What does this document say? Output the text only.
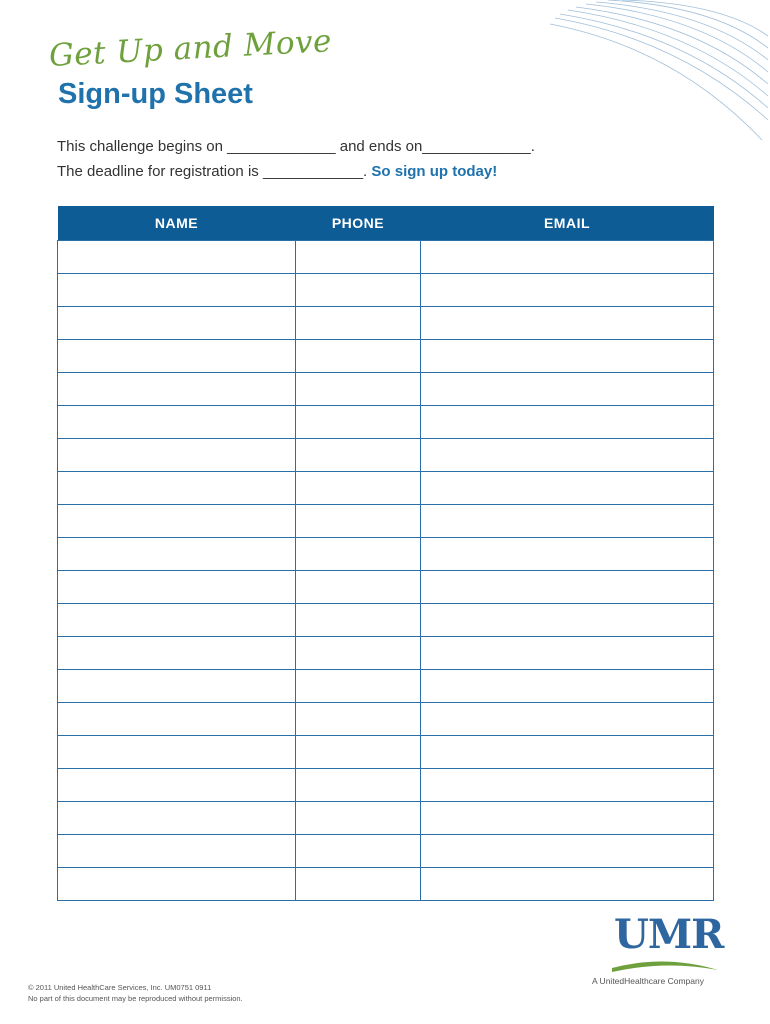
Get Up and Move
Sign-up Sheet
This challenge begins on _____________ and ends on_____________.
The deadline for registration is ____________. So sign up today!
NAME	PHONE	EMAIL

© 2011 United HealthCare Services, Inc. UM0751 0911
No part of this document may be reproduced without permission.
UMR
A UnitedHealthcare Company
